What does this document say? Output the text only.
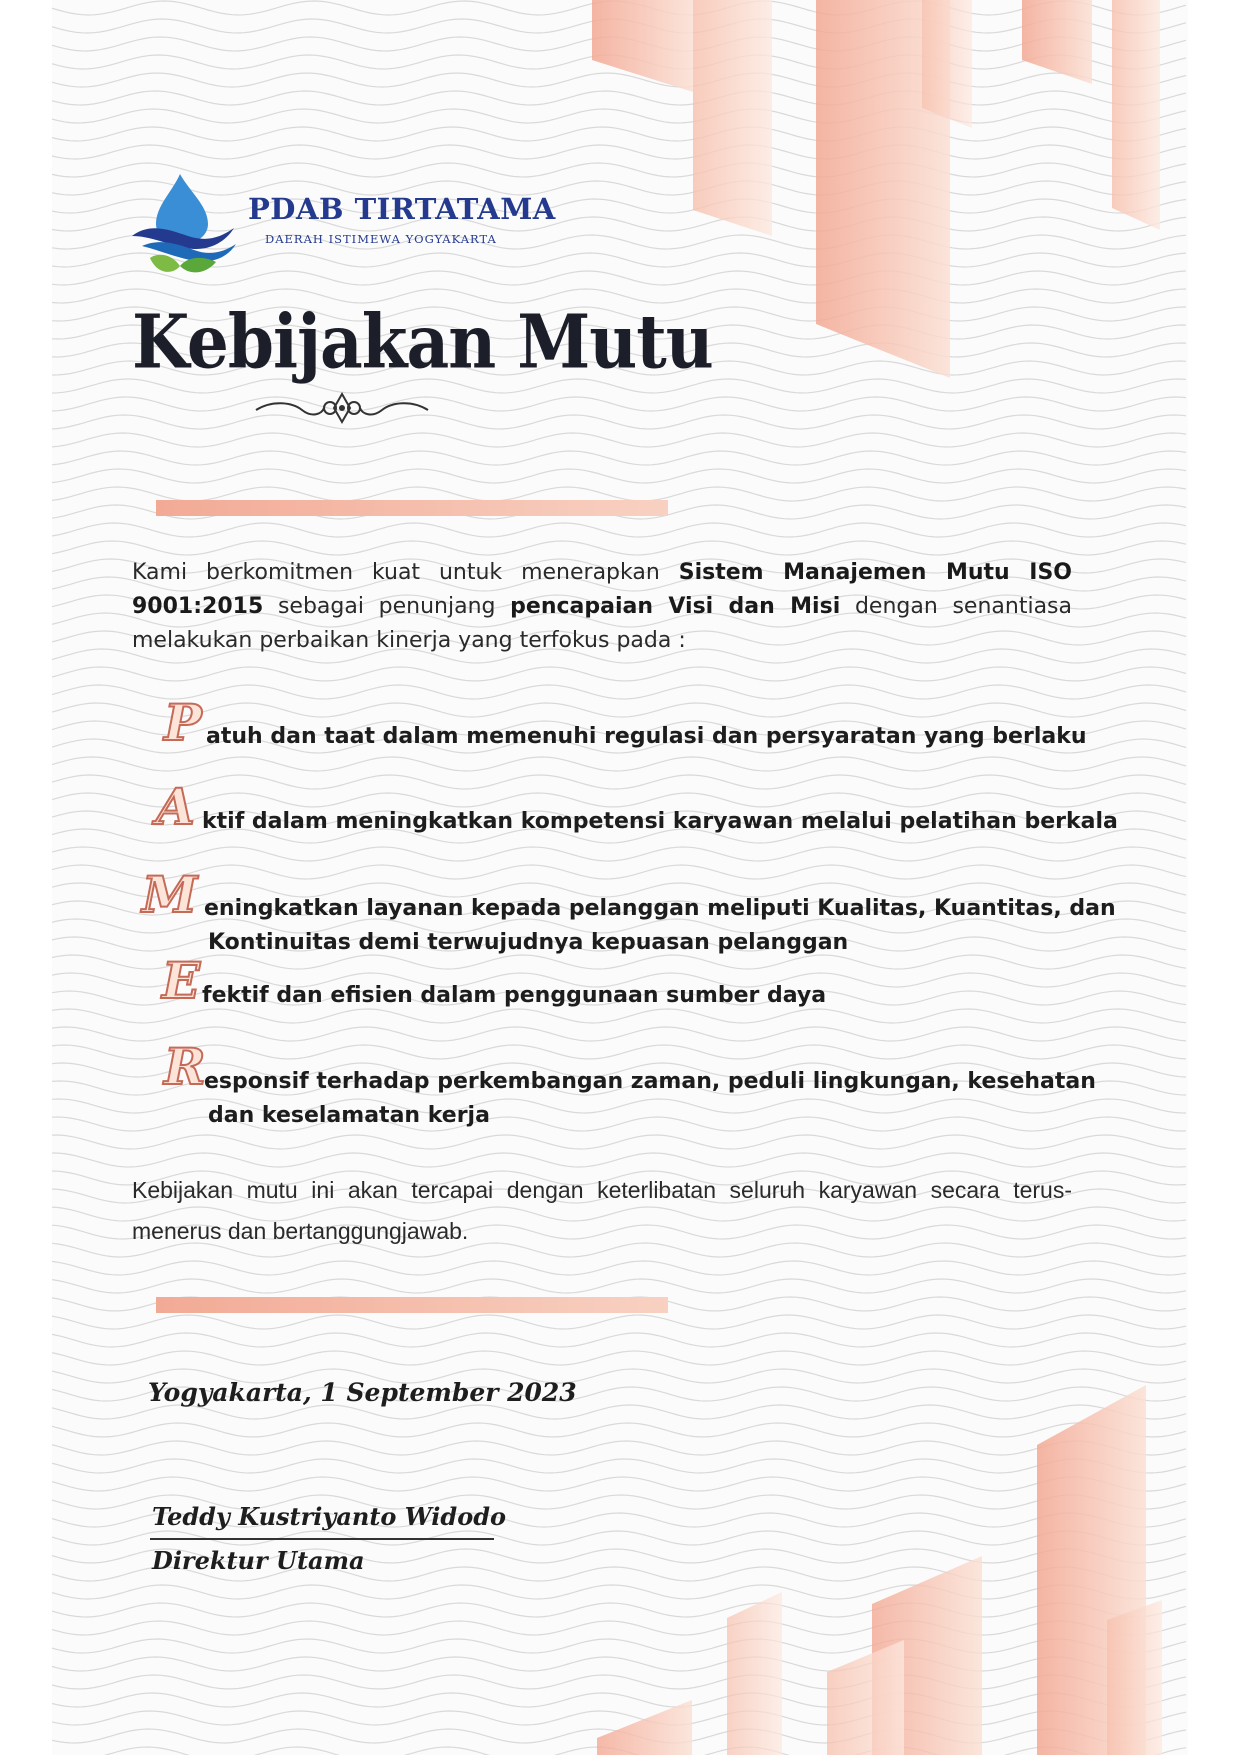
PDAB TIRTATAMA
DAERAH ISTIMEWA YOGYAKARTA
Kebijakan Mutu

Kami berkomitmen kuat untuk menerapkan Sistem Manajemen Mutu ISO 9001:2015 sebagai penunjang pencapaian Visi dan Misi dengan senantiasa melakukan perbaikan kinerja yang terfokus pada :

P atuh dan taat dalam memenuhi regulasi dan persyaratan yang berlaku
A ktif dalam meningkatkan kompetensi karyawan melalui pelatihan berkala
M eningkatkan layanan kepada pelanggan meliputi Kualitas, Kuantitas, dan
Kontinuitas demi terwujudnya kepuasan pelanggan
E fektif dan efisien dalam penggunaan sumber daya
R
esponsif terhadap perkembangan zaman, peduli lingkungan, kesehatan
dan keselamatan kerja

Kebijakan mutu ini akan tercapai dengan keterlibatan seluruh karyawan secara terus-menerus dan bertanggungjawab.

Yogyakarta, 1 September 2023
Teddy Kustriyanto Widodo
Direktur Utama
